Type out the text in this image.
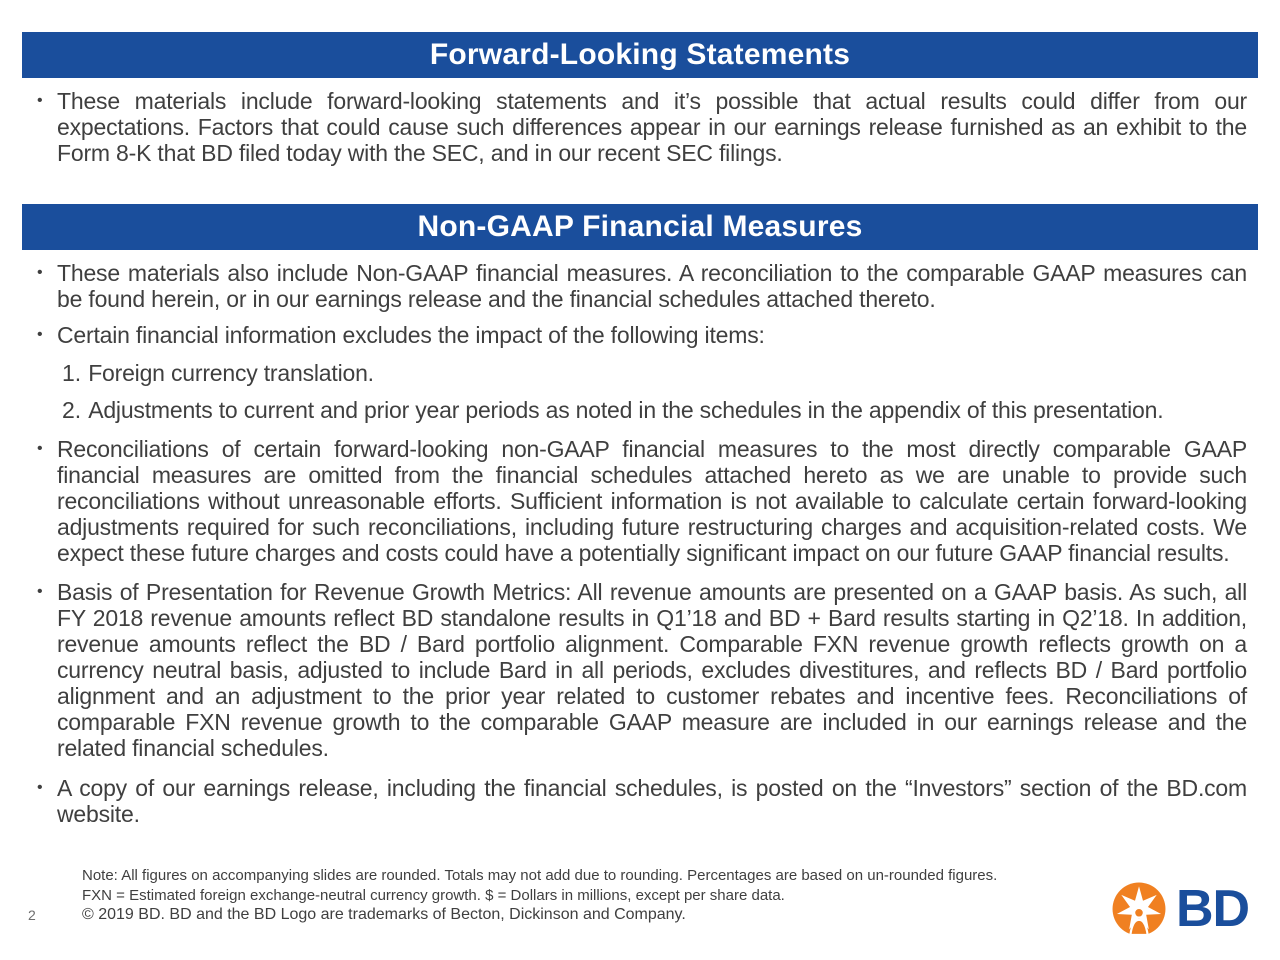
Forward-Looking Statements
• These materials include forward-looking statements and it’s possible that actual results could differ from our expectations. Factors that could cause such differences appear in our earnings release furnished as an exhibit to the Form 8-K that BD filed today with the SEC, and in our recent SEC filings.
Non-GAAP Financial Measures
• These materials also include Non-GAAP financial measures. A reconciliation to the comparable GAAP measures can be found herein, or in our earnings release and the financial schedules attached thereto.
• Certain financial information excludes the impact of the following items:
1. Foreign currency translation.
2. Adjustments to current and prior year periods as noted in the schedules in the appendix of this presentation.
• Reconciliations of certain forward-looking non-GAAP financial measures to the most directly comparable GAAP financial measures are omitted from the financial schedules attached hereto as we are unable to provide such reconciliations without unreasonable efforts. Sufficient information is not available to calculate certain forward-looking adjustments required for such reconciliations, including future restructuring charges and acquisition-related costs. We expect these future charges and costs could have a potentially significant impact on our future GAAP financial results.
• Basis of Presentation for Revenue Growth Metrics: All revenue amounts are presented on a GAAP basis. As such, all FY 2018 revenue amounts reflect BD standalone results in Q1’18 and BD + Bard results starting in Q2’18. In addition, revenue amounts reflect the BD / Bard portfolio alignment. Comparable FXN revenue growth reflects growth on a currency neutral basis, adjusted to include Bard in all periods, excludes divestitures, and reflects BD / Bard portfolio alignment and an adjustment to the prior year related to customer rebates and incentive fees. Reconciliations of comparable FXN revenue growth to the comparable GAAP measure are included in our earnings release and the related financial schedules.
• A copy of our earnings release, including the financial schedules, is posted on the “Investors” section of the BD.com website.
Note: All figures on accompanying slides are rounded. Totals may not add due to rounding. Percentages are based on un-rounded figures.
FXN = Estimated foreign exchange-neutral currency growth. $ = Dollars in millions, except per share data.
© 2019 BD. BD and the BD Logo are trademarks of Becton, Dickinson and Company.
2	BD
